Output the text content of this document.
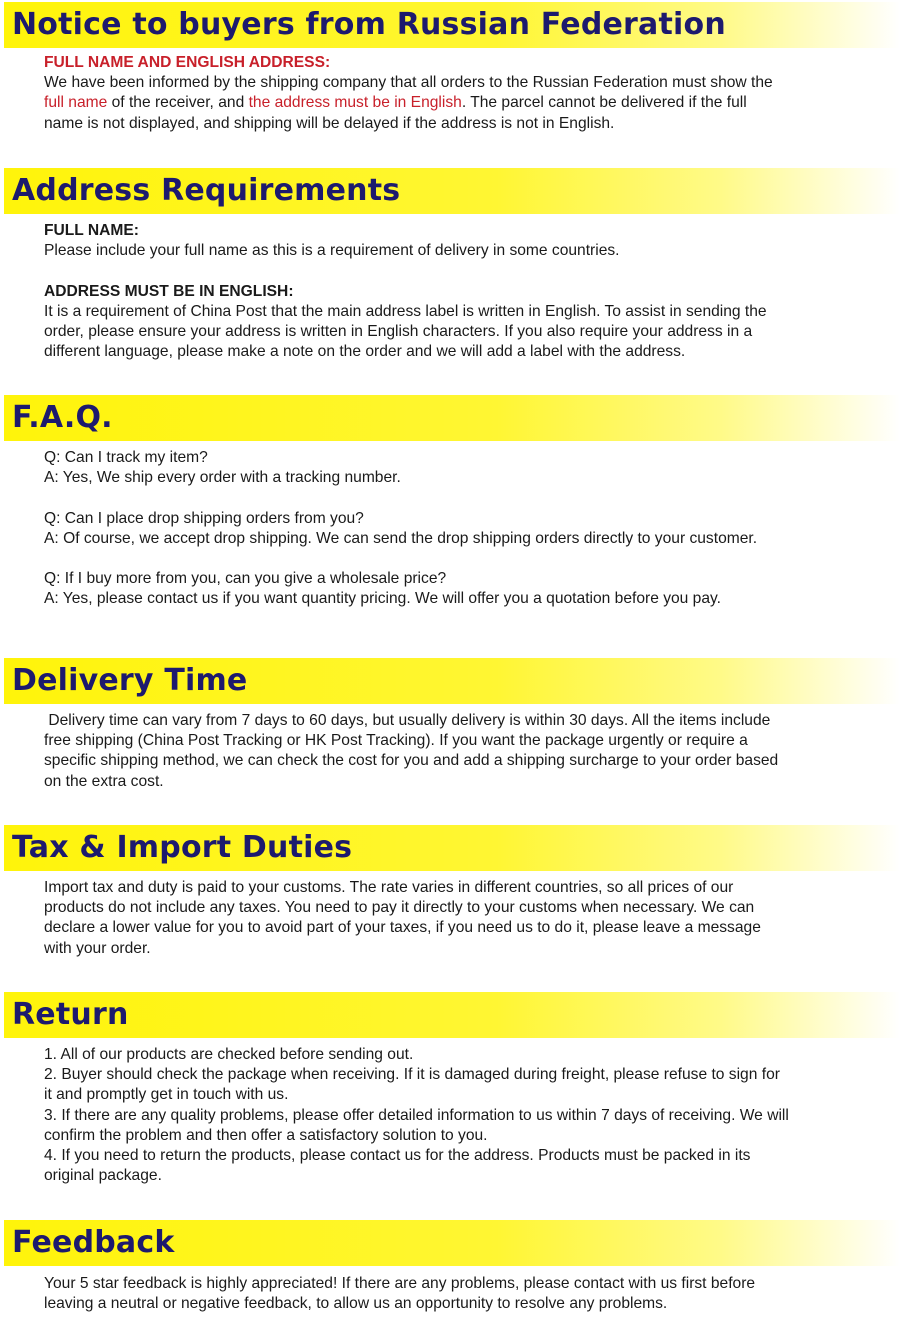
Notice to buyers from Russian Federation

FULL NAME AND ENGLISH ADDRESS:

We have been informed by the shipping company that all orders to the Russian Federation must show the

full name of the receiver, and the address must be in English. The parcel cannot be delivered if the full

name is not displayed, and shipping will be delayed if the address is not in English.

Address Requirements

FULL NAME:

Please include your full name as this is a requirement of delivery in some countries.

ADDRESS MUST BE IN ENGLISH:

It is a requirement of China Post that the main address label is written in English. To assist in sending the

order, please ensure your address is written in English characters. If you also require your address in a

different language, please make a note on the order and we will add a label with the address.

F.A.Q.

Q: Can I track my item?

A: Yes, We ship every order with a tracking number.

Q: Can I place drop shipping orders from you?

A: Of course, we accept drop shipping. We can send the drop shipping orders directly to your customer.

Q: If I buy more from you, can you give a wholesale price?

A: Yes, please contact us if you want quantity pricing. We will offer you a quotation before you pay.

Delivery Time

Delivery time can vary from 7 days to 60 days, but usually delivery is within 30 days. All the items include

free shipping (China Post Tracking or HK Post Tracking). If you want the package urgently or require a

specific shipping method, we can check the cost for you and add a shipping surcharge to your order based

on the extra cost.

Tax & Import Duties

Import tax and duty is paid to your customs. The rate varies in different countries, so all prices of our

products do not include any taxes. You need to pay it directly to your customs when necessary. We can

declare a lower value for you to avoid part of your taxes, if you need us to do it, please leave a message

with your order.

Return

1. All of our products are checked before sending out.

2. Buyer should check the package when receiving. If it is damaged during freight, please refuse to sign for

it and promptly get in touch with us.

3. If there are any quality problems, please offer detailed information to us within 7 days of receiving. We will

confirm the problem and then offer a satisfactory solution to you.

4. If you need to return the products, please contact us for the address. Products must be packed in its

original package.

Feedback

Your 5 star feedback is highly appreciated! If there are any problems, please contact with us first before

leaving a neutral or negative feedback, to allow us an opportunity to resolve any problems.
